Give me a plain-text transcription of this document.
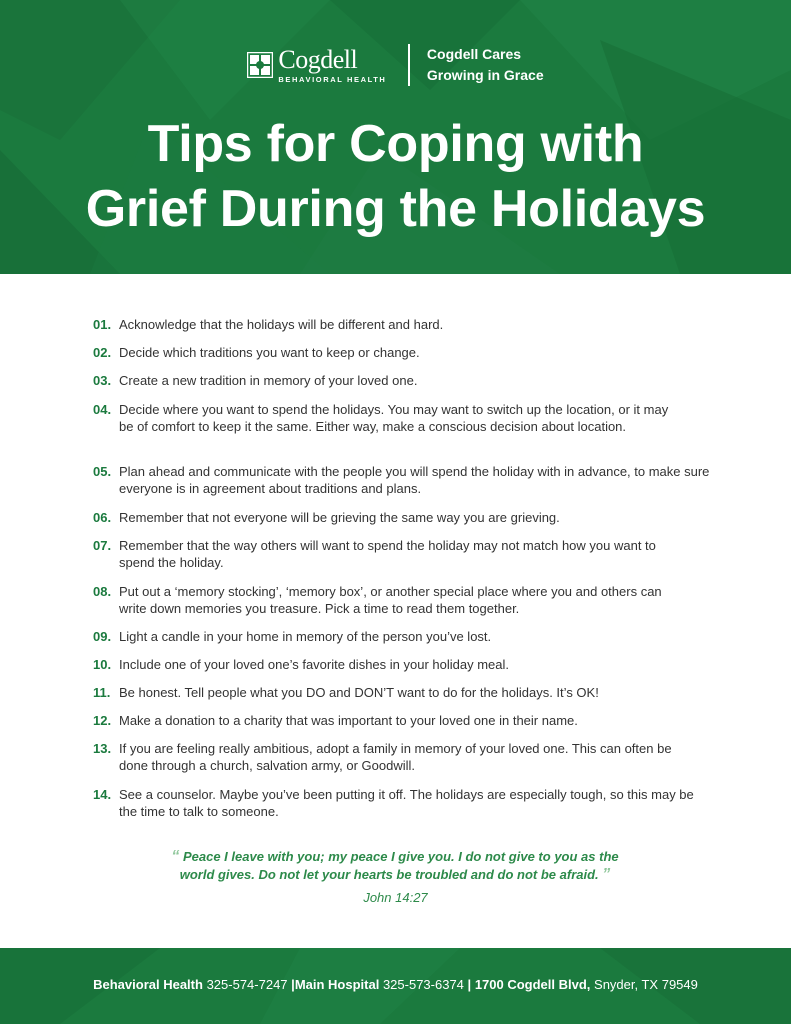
Cogdell
BEHAVIORAL HEALTH
Cogdell Cares
Growing in Grace
Tips for Coping with
Grief During the Holidays
01. Acknowledge that the holidays will be different and hard.
02. Decide which traditions you want to keep or change.
03. Create a new tradition in memory of your loved one.
04. Decide where you want to spend the holidays. You may want to switch up the location, or it may be of comfort to keep it the same. Either way, make a conscious decision about location.
05. Plan ahead and communicate with the people you will spend the holiday with in advance, to make sure everyone is in agreement about traditions and plans.
06. Remember that not everyone will be grieving the same way you are grieving.
07. Remember that the way others will want to spend the holiday may not match how you want to spend the holiday.
08. Put out a ‘memory stocking’, ‘memory box’, or another special place where you and others can write down memories you treasure. Pick a time to read them together.
09. Light a candle in your home in memory of the person you’ve lost.
10. Include one of your loved one’s favorite dishes in your holiday meal.
11. Be honest. Tell people what you DO and DON’T want to do for the holidays. It’s OK!
12. Make a donation to a charity that was important to your loved one in their name.
13. If you are feeling really ambitious, adopt a family in memory of your loved one. This can often be done through a church, salvation army, or Goodwill.
14. See a counselor. Maybe you’ve been putting it off. The holidays are especially tough, so this may be the time to talk to someone.
“ Peace I leave with you; my peace I give you. I do not give to you as the
world gives. Do not let your hearts be troubled and do not be afraid. ”
John 14:27
Behavioral Health 325-574-7247 |Main Hospital 325-573-6374 | 1700 Cogdell Blvd, Snyder, TX 79549
